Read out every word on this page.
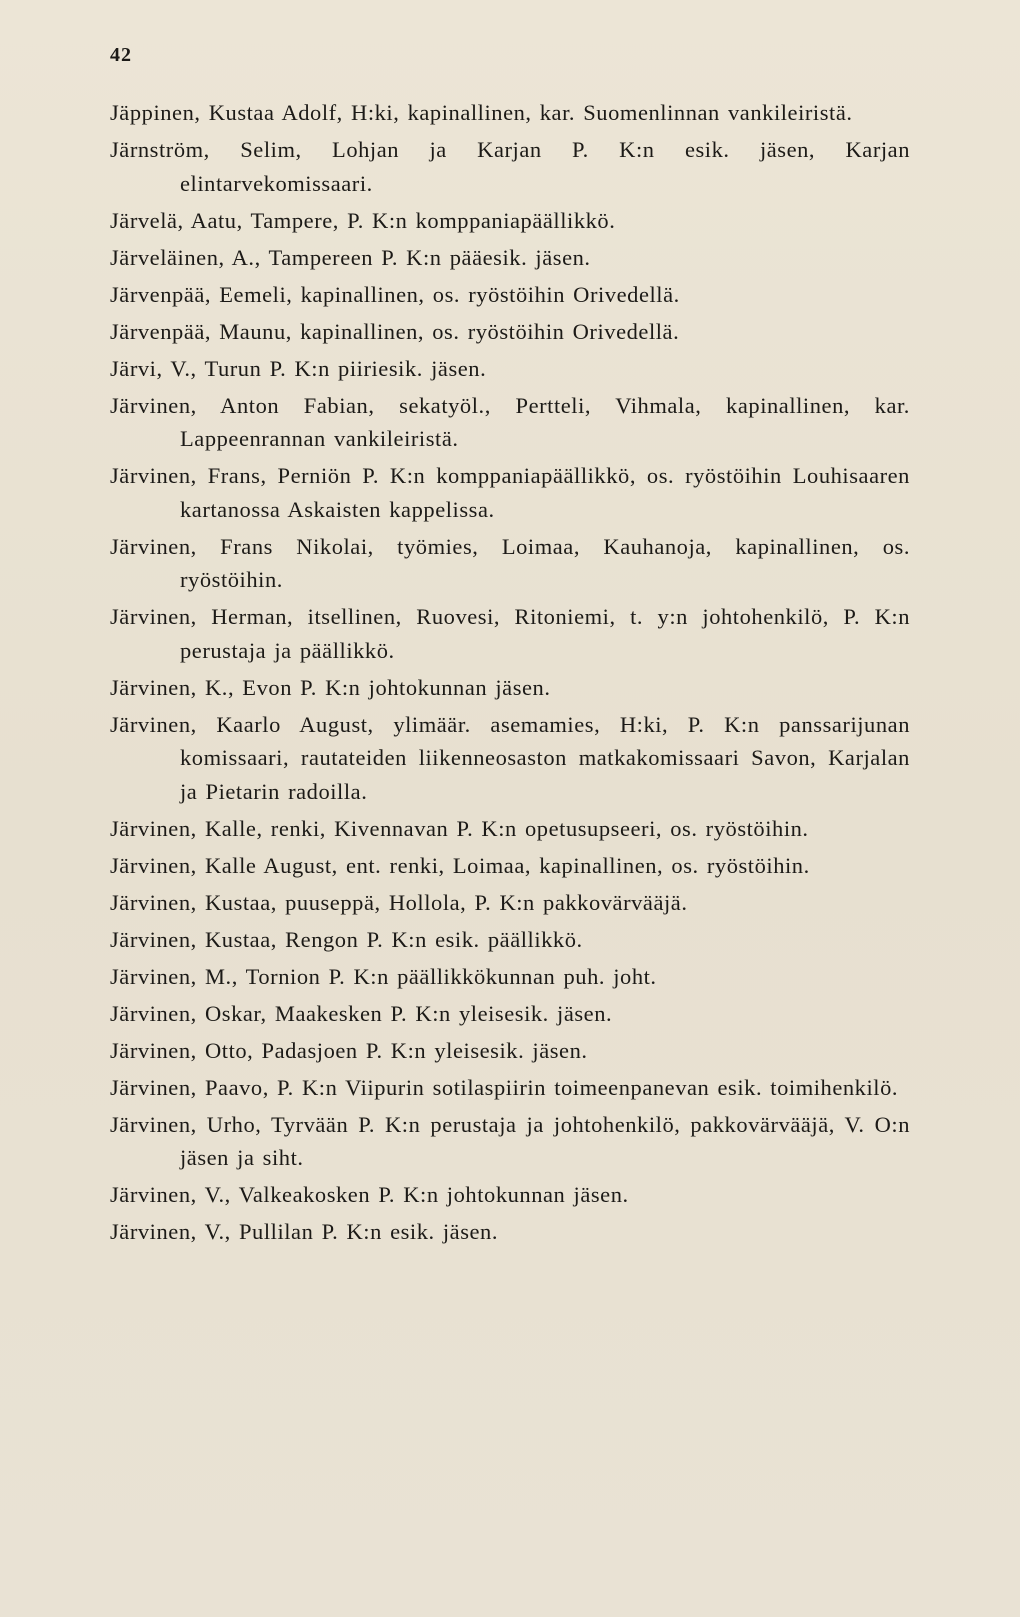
42
Jäppinen, Kustaa Adolf, H:ki, kapinallinen, kar. Suomenlinnan vankileiristä.
Järnström, Selim, Lohjan ja Karjan P. K:n esik. jäsen, Karjan elintarvekomissaari.
Järvelä, Aatu, Tampere, P. K:n komppaniapäällikkö.
Järveläinen, A., Tampereen P. K:n pääesik. jäsen.
Järvenpää, Eemeli, kapinallinen, os. ryöstöihin Orivedellä.
Järvenpää, Maunu, kapinallinen, os. ryöstöihin Orivedellä.
Järvi, V., Turun P. K:n piiriesik. jäsen.
Järvinen, Anton Fabian, sekatyöl., Pertteli, Vihmala, kapinallinen, kar. Lappeenrannan vankileiristä.
Järvinen, Frans, Perniön P. K:n komppaniapäällikkö, os. ryöstöihin Louhisaaren kartanossa Askaisten kappelissa.
Järvinen, Frans Nikolai, työmies, Loimaa, Kauhanoja, kapinallinen, os. ryöstöihin.
Järvinen, Herman, itsellinen, Ruovesi, Ritoniemi, t. y:n johtohenkilö, P. K:n perustaja ja päällikkö.
Järvinen, K., Evon P. K:n johtokunnan jäsen.
Järvinen, Kaarlo August, ylimäär. asemamies, H:ki, P. K:n panssarijunan komissaari, rautateiden liikenneosaston matkakomissaari Savon, Karjalan ja Pietarin radoilla.
Järvinen, Kalle, renki, Kivennavan P. K:n opetusupseeri, os. ryöstöihin.
Järvinen, Kalle August, ent. renki, Loimaa, kapinallinen, os. ryöstöihin.
Järvinen, Kustaa, puuseppä, Hollola, P. K:n pakkovärvääjä.
Järvinen, Kustaa, Rengon P. K:n esik. päällikkö.
Järvinen, M., Tornion P. K:n päällikkökunnan puh. joht.
Järvinen, Oskar, Maakesken P. K:n yleisesik. jäsen.
Järvinen, Otto, Padasjoen P. K:n yleisesik. jäsen.
Järvinen, Paavo, P. K:n Viipurin sotilaspiirin toimeenpanevan esik. toimihenkilö.
Järvinen, Urho, Tyrvään P. K:n perustaja ja johtohenkilö, pakkovärvääjä, V. O:n jäsen ja siht.
Järvinen, V., Valkeakosken P. K:n johtokunnan jäsen.
Järvinen, V., Pullilan P. K:n esik. jäsen.
